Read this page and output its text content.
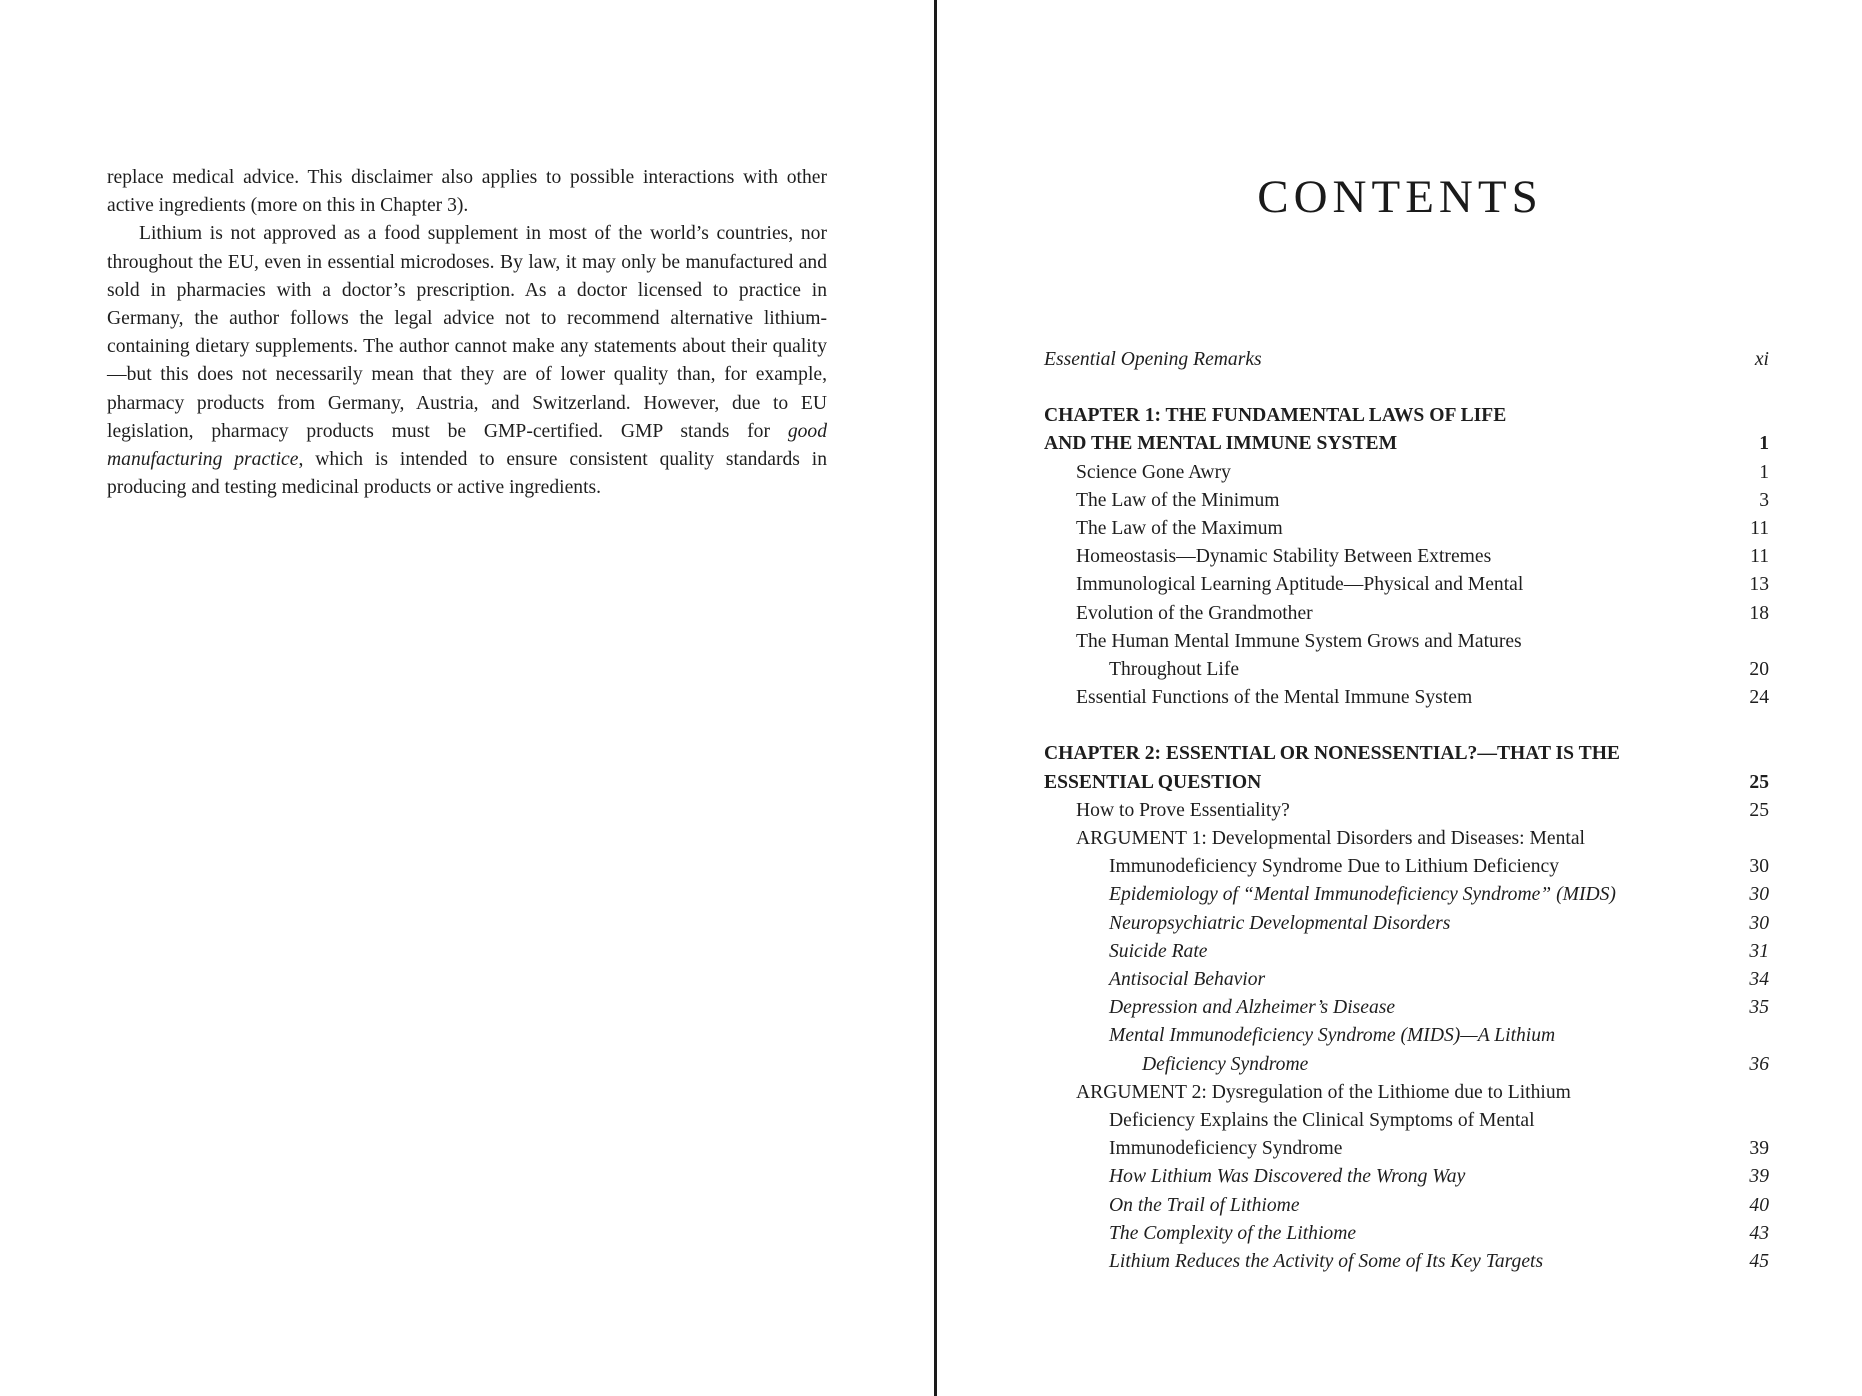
replace medical advice. This disclaimer also applies to possible interactions with other active ingredients (more on this in Chapter 3).

Lithium is not approved as a food supplement in most of the world’s countries, nor throughout the EU, even in essential microdoses. By law, it may only be manufactured and sold in pharmacies with a doctor’s prescription. As a doctor licensed to practice in Germany, the author follows the legal advice not to recommend alternative lithium-containing dietary supplements. The author cannot make any statements about their quality—but this does not necessarily mean that they are of lower quality than, for example, pharmacy products from Germany, Austria, and Switzerland. However, due to EU legislation, pharmacy products must be GMP-certified. GMP stands for good manufacturing practice, which is intended to ensure consistent quality standards in producing and testing medicinal products or active ingredients.

CONTENTS
Essential Opening Remarks	xi
CHAPTER 1: THE FUNDAMENTAL LAWS OF LIFE
AND THE MENTAL IMMUNE SYSTEM	1
Science Gone Awry	1
The Law of the Minimum	3
The Law of the Maximum	11
Homeostasis—Dynamic Stability Between Extremes	11
Immunological Learning Aptitude—Physical and Mental	13
Evolution of the Grandmother	18
The Human Mental Immune System Grows and Matures
Throughout Life	20
Essential Functions of the Mental Immune System	24
CHAPTER 2: ESSENTIAL OR NONESSENTIAL?—THAT IS THE
ESSENTIAL QUESTION	25
How to Prove Essentiality?	25
ARGUMENT 1: Developmental Disorders and Diseases: Mental
Immunodeficiency Syndrome Due to Lithium Deficiency	30
Epidemiology of “Mental Immunodeficiency Syndrome” (MIDS)	30
Neuropsychiatric Developmental Disorders	30
Suicide Rate	31
Antisocial Behavior	34
Depression and Alzheimer’s Disease	35
Mental Immunodeficiency Syndrome (MIDS)—A Lithium
Deficiency Syndrome	36
ARGUMENT 2: Dysregulation of the Lithiome due to Lithium
Deficiency Explains the Clinical Symptoms of Mental
Immunodeficiency Syndrome	39
How Lithium Was Discovered the Wrong Way	39
On the Trail of Lithiome	40
The Complexity of the Lithiome	43
Lithium Reduces the Activity of Some of Its Key Targets	45
